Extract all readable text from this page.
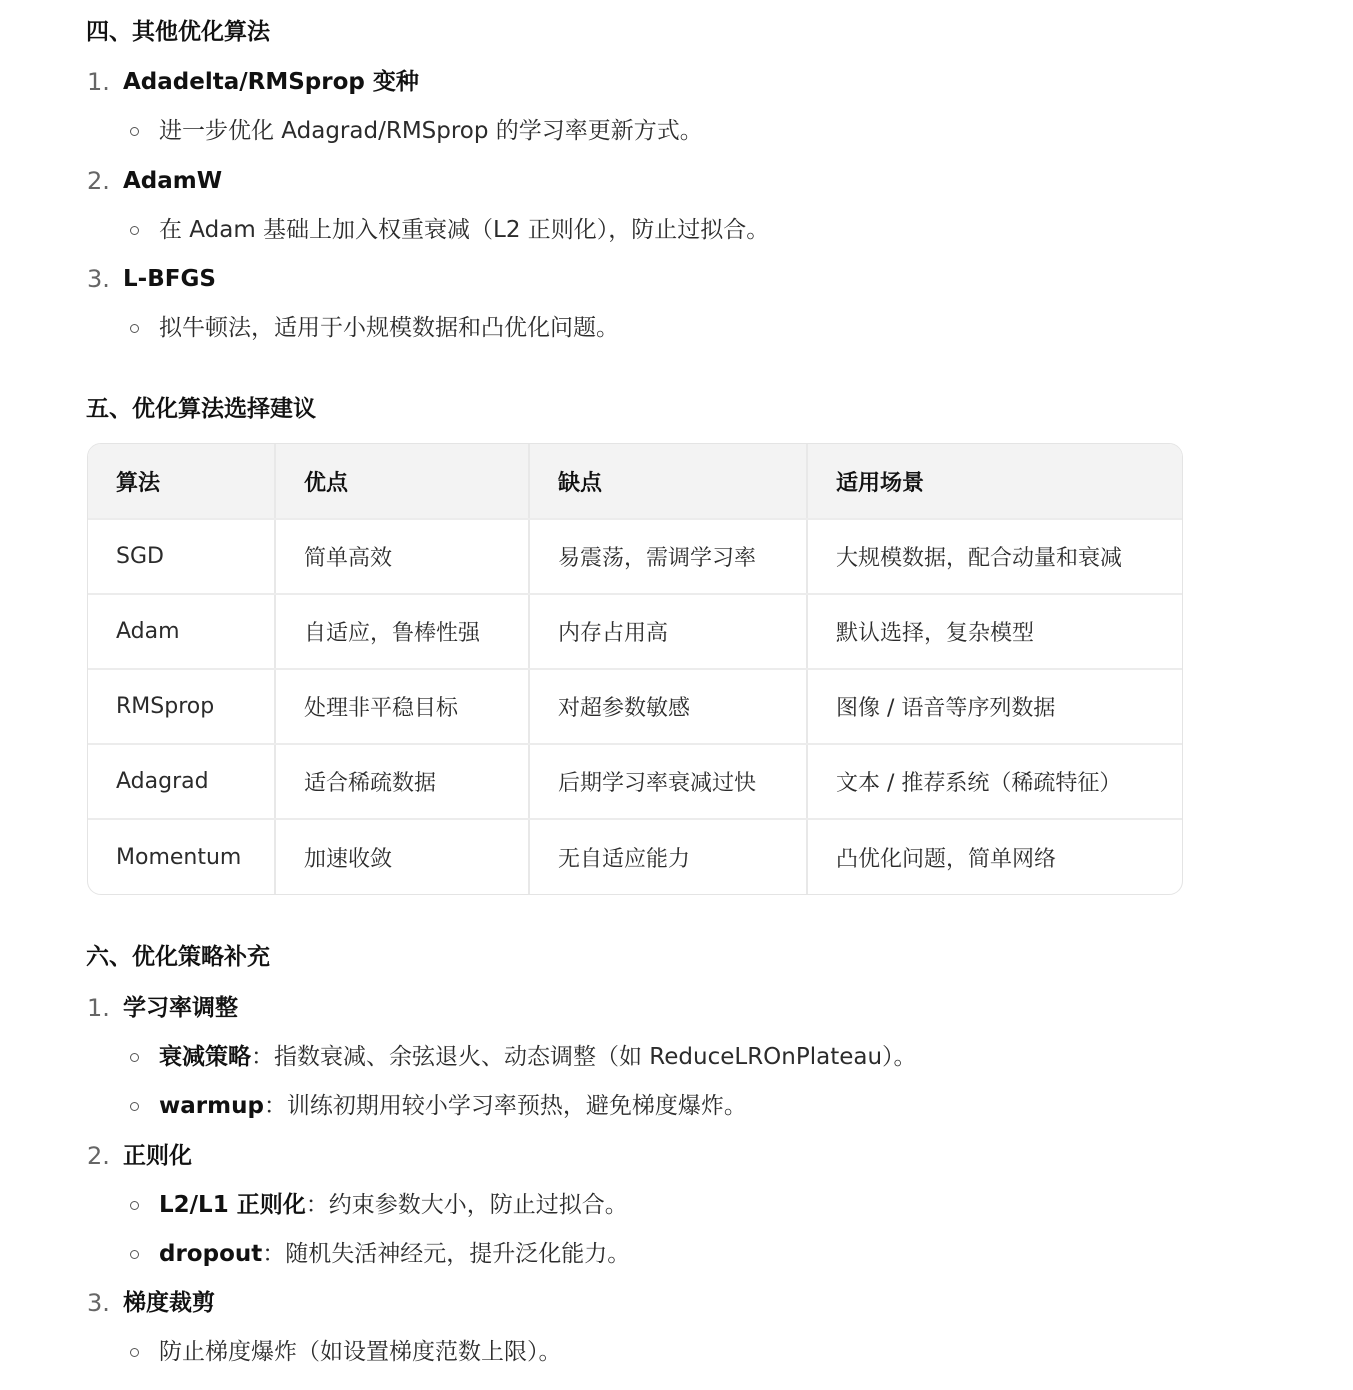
四、其他优化算法
1. Adadelta/RMSprop 变种
进一步优化 Adagrad/RMSprop 的学习率更新方式。
2. AdamW
在 Adam 基础上加入权重衰减（L2 正则化），防止过拟合。
3. L-BFGS
拟牛顿法，适用于小规模数据和凸优化问题。
五、优化算法选择建议
算法	优点	缺点	适用场景
SGD	简单高效	易震荡，需调学习率	大规模数据，配合动量和衰减
Adam	自适应，鲁棒性强	内存占用高	默认选择，复杂模型
RMSprop	处理非平稳目标	对超参数敏感	图像 / 语音等序列数据
Adagrad	适合稀疏数据	后期学习率衰减过快	文本 / 推荐系统（稀疏特征）
Momentum	加速收敛	无自适应能力	凸优化问题，简单网络
六、优化策略补充
1. 学习率调整
衰减策略：指数衰减、余弦退火、动态调整（如 ReduceLROnPlateau）。
warmup：训练初期用较小学习率预热，避免梯度爆炸。
2. 正则化
L2/L1 正则化：约束参数大小，防止过拟合。
dropout：随机失活神经元，提升泛化能力。
3. 梯度裁剪
防止梯度爆炸（如设置梯度范数上限）。
